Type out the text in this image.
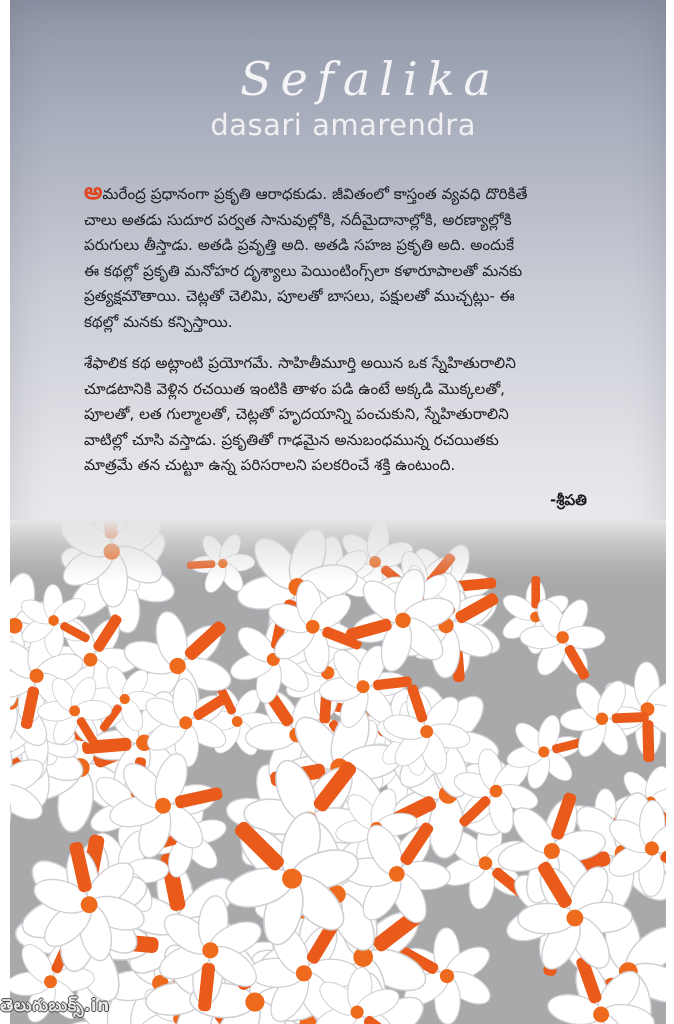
Sefalika
dasari amarendra

అమరేంద్ర ప్రధానంగా ప్రకృతి ఆరాధకుడు. జీవితంలో కాస్తంత వ్యవధి దొరికితే
చాలు అతడు సుదూర పర్వత సానువుల్లోకి, నదీమైదానాల్లోకి, అరణ్యాల్లోకి
పరుగులు తీస్తాడు. అతడి ప్రవృత్తి అది. అతడి సహజ ప్రకృతి అది. అందుకే
ఈ కథల్లో ప్రకృతి మనోహర దృశ్యాలు పెయింటింగ్స్‌లా కళారూపాలతో మనకు
ప్రత్యక్షమౌతాయి. చెట్లతో చెలిమి, పూలతో బాసలు, పక్షులతో ముచ్చట్లు- ఈ
కథల్లో మనకు కన్పిస్తాయి.

శేఫాలిక కథ అట్లాంటి ప్రయోగమే. సాహితీమూర్తి అయిన ఒక స్నేహితురాలిని
చూడటానికి వెళ్లిన రచయిత ఇంటికి తాళం పడి ఉంటే అక్కడి మొక్కలతో,
పూలతో, లత గుల్మాలతో, చెట్లతో హృదయాన్ని పంచుకుని, స్నేహితురాలిని
వాటిల్లో చూసి వస్తాడు. ప్రకృతితో గాఢమైన అనుబంధమున్న రచయితకు
మాత్రమే తన చుట్టూ ఉన్న పరిసరాలని పలకరించే శక్తి ఉంటుంది.

-శ్రీపతి
తెలుగుబుక్స్.in
